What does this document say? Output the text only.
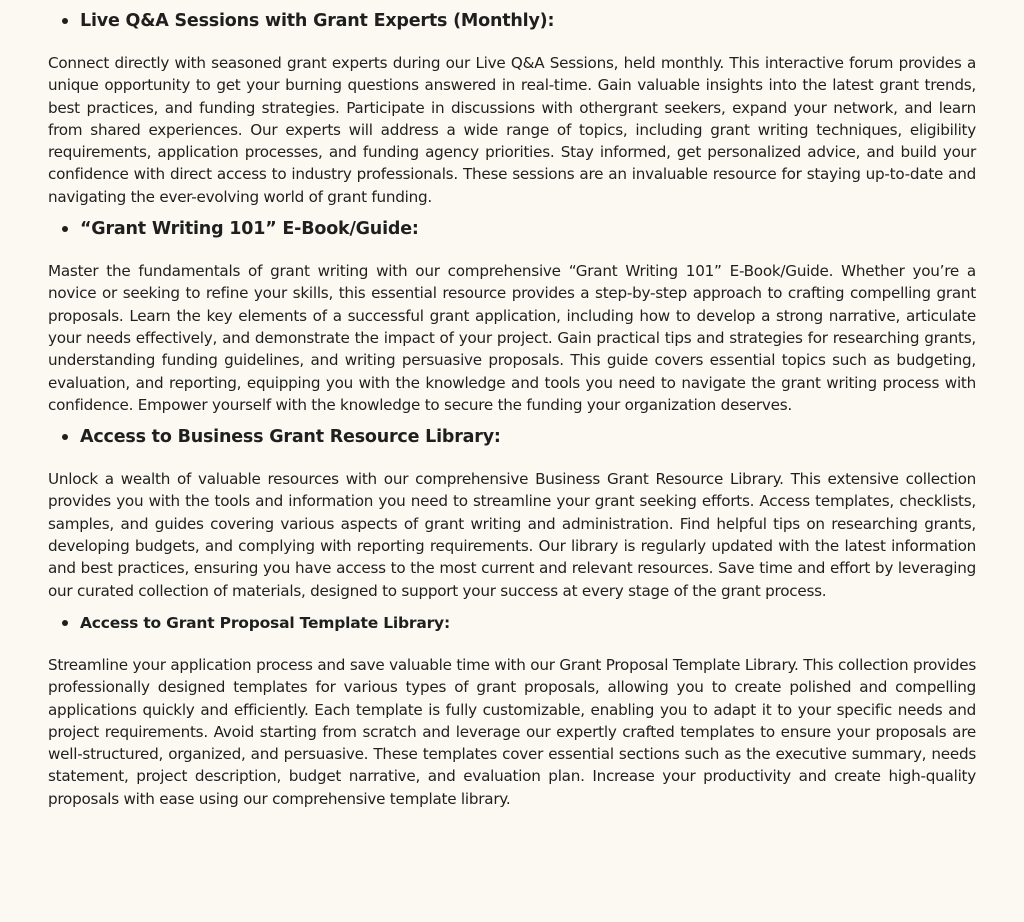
Live Q&A Sessions with Grant Experts (Monthly):

Connect directly with seasoned grant experts during our Live Q&A Sessions, held monthly. This interactive forum provides a unique opportunity to get your burning questions answered in real-time. Gain valuable insights into the latest grant trends, best practices, and funding strategies. Participate in discussions with othergrant seekers, expand your network, and learn from shared experiences. Our experts will address a wide range of topics, including grant writing techniques, eligibility requirements, application processes, and funding agency priorities. Stay informed, get personalized advice, and build your confidence with direct access to industry professionals. These sessions are an invaluable resource for staying up-to-date and navigating the ever-evolving world of grant funding.

“Grant Writing 101” E-Book/Guide:

Master the fundamentals of grant writing with our comprehensive “Grant Writing 101” E-Book/Guide. Whether you’re a novice or seeking to refine your skills, this essential resource provides a step-by-step approach to crafting compelling grant proposals. Learn the key elements of a successful grant application, including how to develop a strong narrative, articulate your needs effectively, and demonstrate the impact of your project. Gain practical tips and strategies for researching grants, understanding funding guidelines, and writing persuasive proposals. This guide covers essential topics such as budgeting, evaluation, and reporting, equipping you with the knowledge and tools you need to navigate the grant writing process with confidence. Empower yourself with the knowledge to secure the funding your organization deserves.

Access to Business Grant Resource Library:

Unlock a wealth of valuable resources with our comprehensive Business Grant Resource Library. This extensive collection provides you with the tools and information you need to streamline your grant seeking efforts. Access templates, checklists, samples, and guides covering various aspects of grant writing and administration. Find helpful tips on researching grants, developing budgets, and complying with reporting requirements. Our library is regularly updated with the latest information and best practices, ensuring you have access to the most current and relevant resources. Save time and effort by leveraging our curated collection of materials, designed to support your success at every stage of the grant process.

Access to Grant Proposal Template Library:

Streamline your application process and save valuable time with our Grant Proposal Template Library. This collection provides professionally designed templates for various types of grant proposals, allowing you to create polished and compelling applications quickly and efficiently. Each template is fully customizable, enabling you to adapt it to your specific needs and project requirements. Avoid starting from scratch and leverage our expertly crafted templates to ensure your proposals are well-structured, organized, and persuasive. These templates cover essential sections such as the executive summary, needs statement, project description, budget narrative, and evaluation plan. Increase your productivity and create high-quality proposals with ease using our comprehensive template library.
